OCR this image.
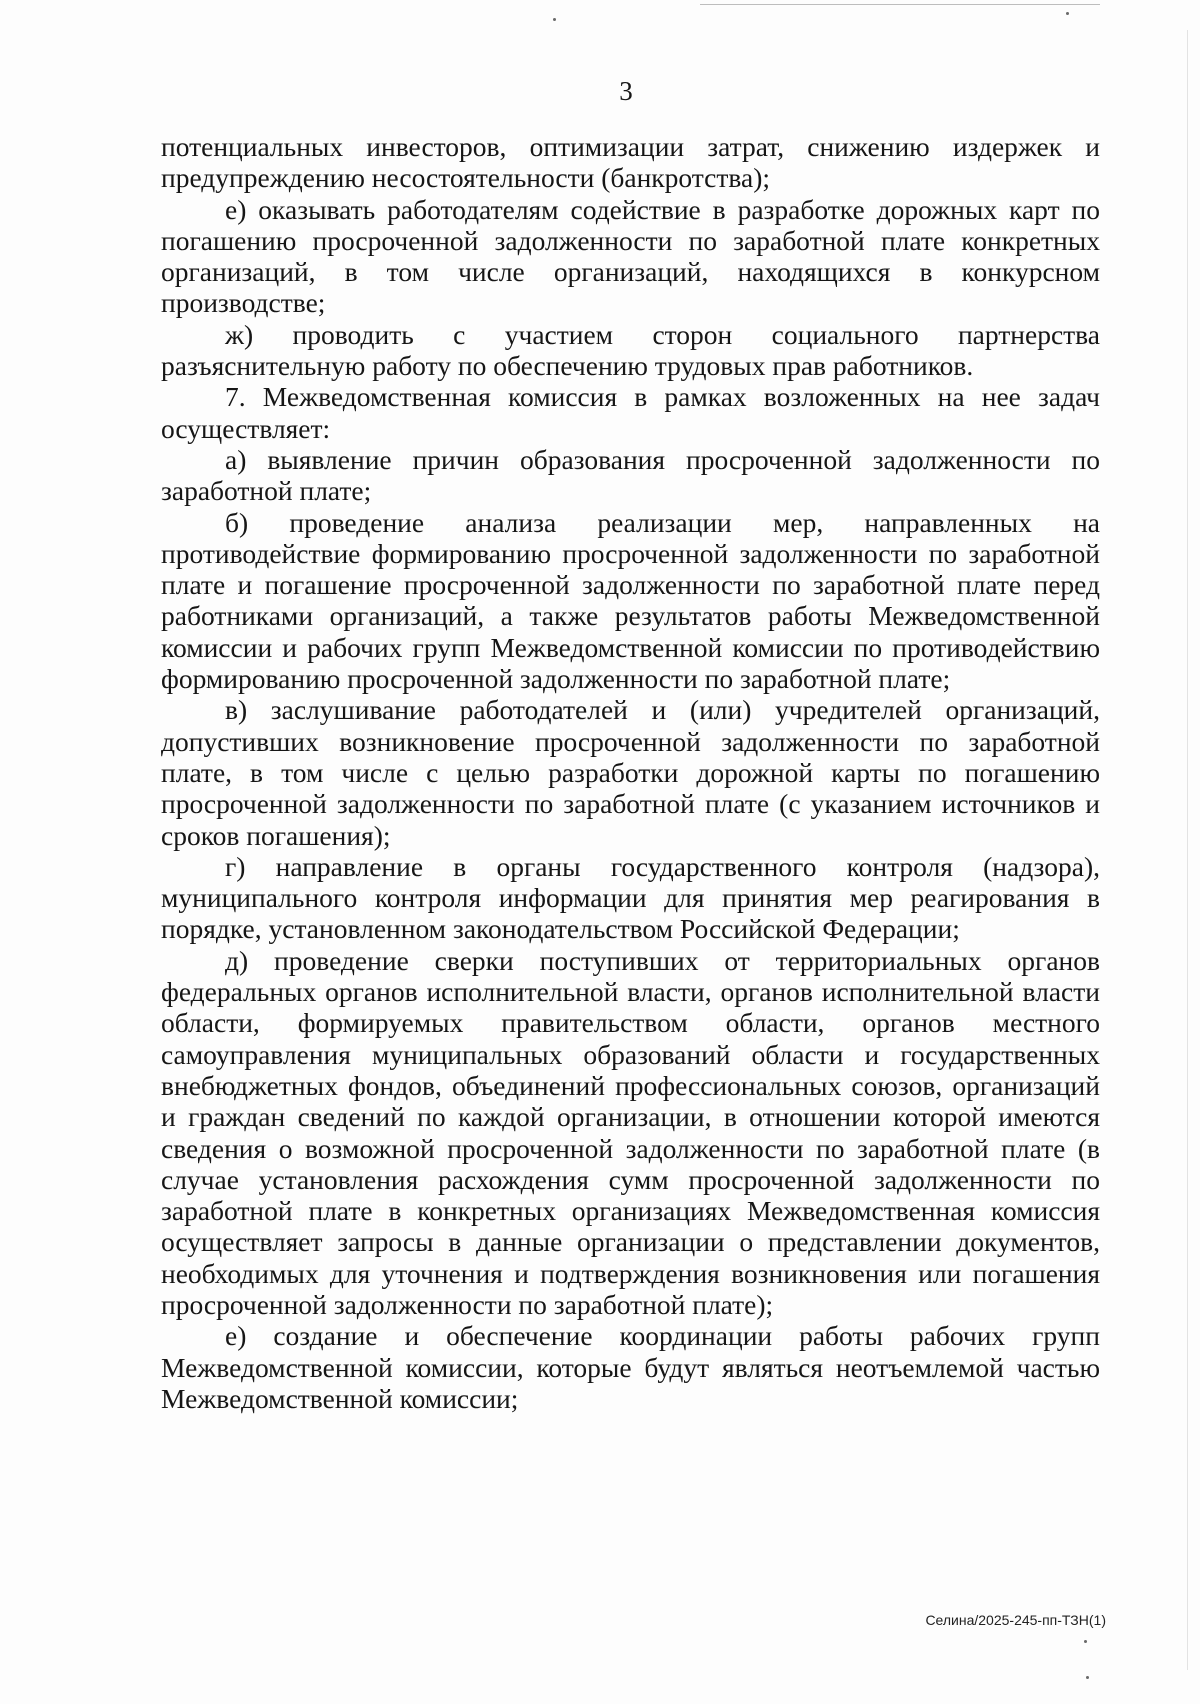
3

потенциальных инвесторов, оптимизации затрат, снижению издержек и предупреждению несостоятельности (банкротства);

е) оказывать работодателям содействие в разработке дорожных карт по погашению просроченной задолженности по заработной плате конкретных организаций, в том числе организаций, находящихся в конкурсном производстве;

ж) проводить с участием сторон социального партнерства разъяснительную работу по обеспечению трудовых прав работников.

7. Межведомственная комиссия в рамках возложенных на нее задач осуществляет:

а) выявление причин образования просроченной задолженности по заработной плате;

б) проведение анализа реализации мер, направленных на противодействие формированию просроченной задолженности по заработной плате и погашение просроченной задолженности по заработной плате перед работниками организаций, а также результатов работы Межведомственной комиссии и рабочих групп Межведомственной комиссии по противодействию формированию просроченной задолженности по заработной плате;

в) заслушивание работодателей и (или) учредителей организаций, допустивших возникновение просроченной задолженности по заработной плате, в том числе с целью разработки дорожной карты по погашению просроченной задолженности по заработной плате (с указанием источников и сроков погашения);

г) направление в органы государственного контроля (надзора), муниципального контроля информации для принятия мер реагирования в порядке, установленном законодательством Российской Федерации;

д) проведение сверки поступивших от территориальных органов федеральных органов исполнительной власти, органов исполнительной власти области, формируемых правительством области, органов местного самоуправления муниципальных образований области и государственных внебюджетных фондов, объединений профессиональных союзов, организаций и граждан сведений по каждой организации, в отношении которой имеются сведения о возможной просроченной задолженности по заработной плате (в случае установления расхождения сумм просроченной задолженности по заработной плате в конкретных организациях Межведомственная комиссия осуществляет запросы в данные организации о представлении документов, необходимых для уточнения и подтверждения возникновения или погашения просроченной задолженности по заработной плате);

е) создание и обеспечение координации работы рабочих групп Межведомственной комиссии, которые будут являться неотъемлемой частью Межведомственной комиссии;

Селина/2025-245-пп-ТЗН(1)
